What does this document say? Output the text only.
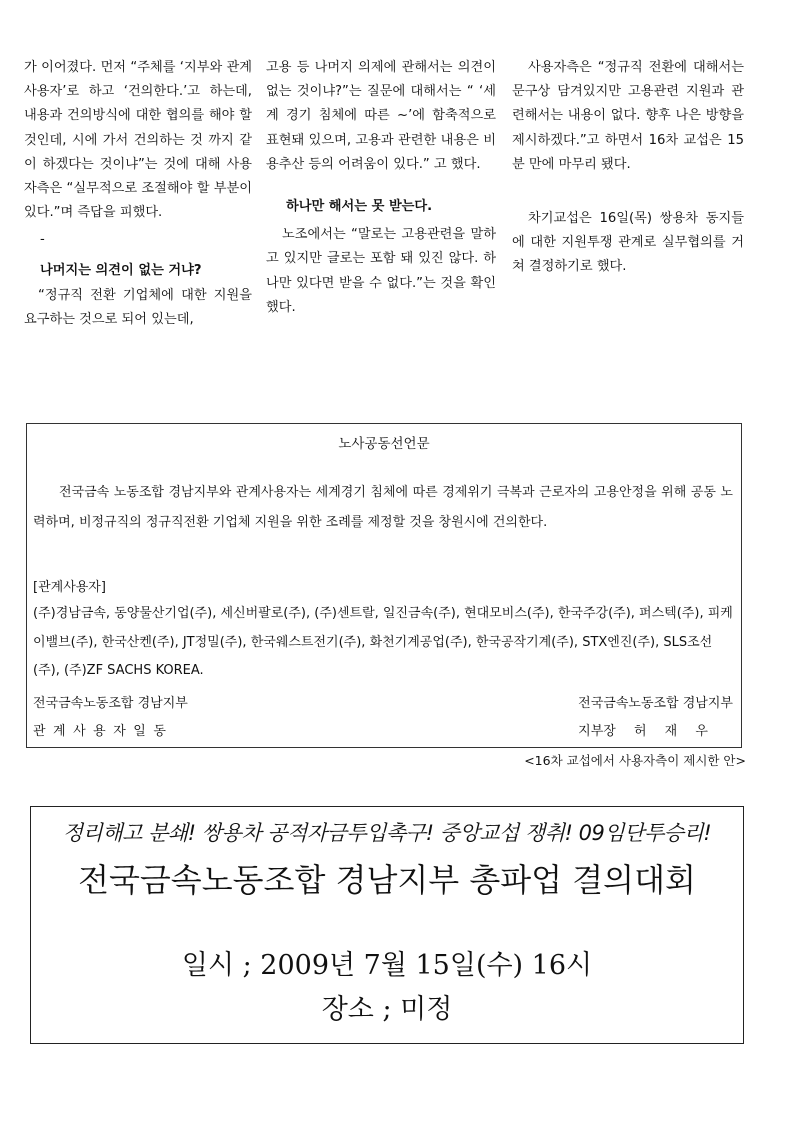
가 이어졌다. 먼저 “주체를 ‘지부와 관계사용자’로 하고 ‘건의한다.’고 하는데, 내용과 건의방식에 대한 협의를 해야 할 것인데, 시에 가서 건의하는 것 까지 같이 하겠다는 것이냐”는 것에 대해 사용자측은 “실무적으로 조절해야 할 부분이 있다.”며 즉답을 피했다.

-

나머지는 의견이 없는 거냐?

“정규직 전환 기업체에 대한 지원을 요구하는 것으로 되어 있는데,

고용 등 나머지 의제에 관해서는 의견이 없는 것이냐?”는 질문에 대해서는 “ ‘세계 경기 침체에 따른 ~’에 함축적으로 표현돼 있으며, 고용과 관련한 내용은 비용추산 등의 어려움이 있다.” 고 했다.

하나만 해서는 못 받는다.

노조에서는 “말로는 고용관련을 말하고 있지만 글로는 포함 돼 있진 않다. 하나만 있다면 받을 수 없다.”는 것을 확인했다.

사용자측은 “정규직 전환에 대해서는 문구상 담겨있지만 고용관련 지원과 관련해서는 내용이 없다. 향후 나은 방향을 제시하겠다.”고 하면서 16차 교섭은 15분 만에 마무리 됐다.

차기교섭은 16일(목) 쌍용차 동지들에 대한 지원투쟁 관계로 실무협의를 거쳐 결정하기로 했다.

노사공동선언문
전국금속 노동조합 경남지부와 관계사용자는 세계경기 침체에 따른 경제위기 극복과 근로자의 고용안정을 위해 공동 노력하며, 비정규직의 정규직전환 기업체 지원을 위한 조례를 제정할 것을 창원시에 건의한다.
[관계사용자]
(주)경남금속, 동양물산기업(주), 세신버팔로(주), (주)센트랄, 일진금속(주), 현대모비스(주), 한국주강(주), 퍼스텍(주), 피케이밸브(주), 한국산켄(주), JT정밀(주), 한국웨스트전기(주), 화천기계공업(주), 한국공작기계(주), STX엔진(주), SLS조선(주), (주)ZF SACHS KOREA.
전국금속노동조합 경남지부
관계사용자일동
전국금속노동조합 경남지부
지부장 허 재 우
<16차 교섭에서 사용자측이 제시한 안>
정리해고 분쇄! 쌍용차 공적자금투입촉구! 중앙교섭 쟁취! 09임단투승리!
전국금속노동조합 경남지부 총파업 결의대회
일시 ; 2009년 7월 15일(수) 16시
장소 ; 미정
